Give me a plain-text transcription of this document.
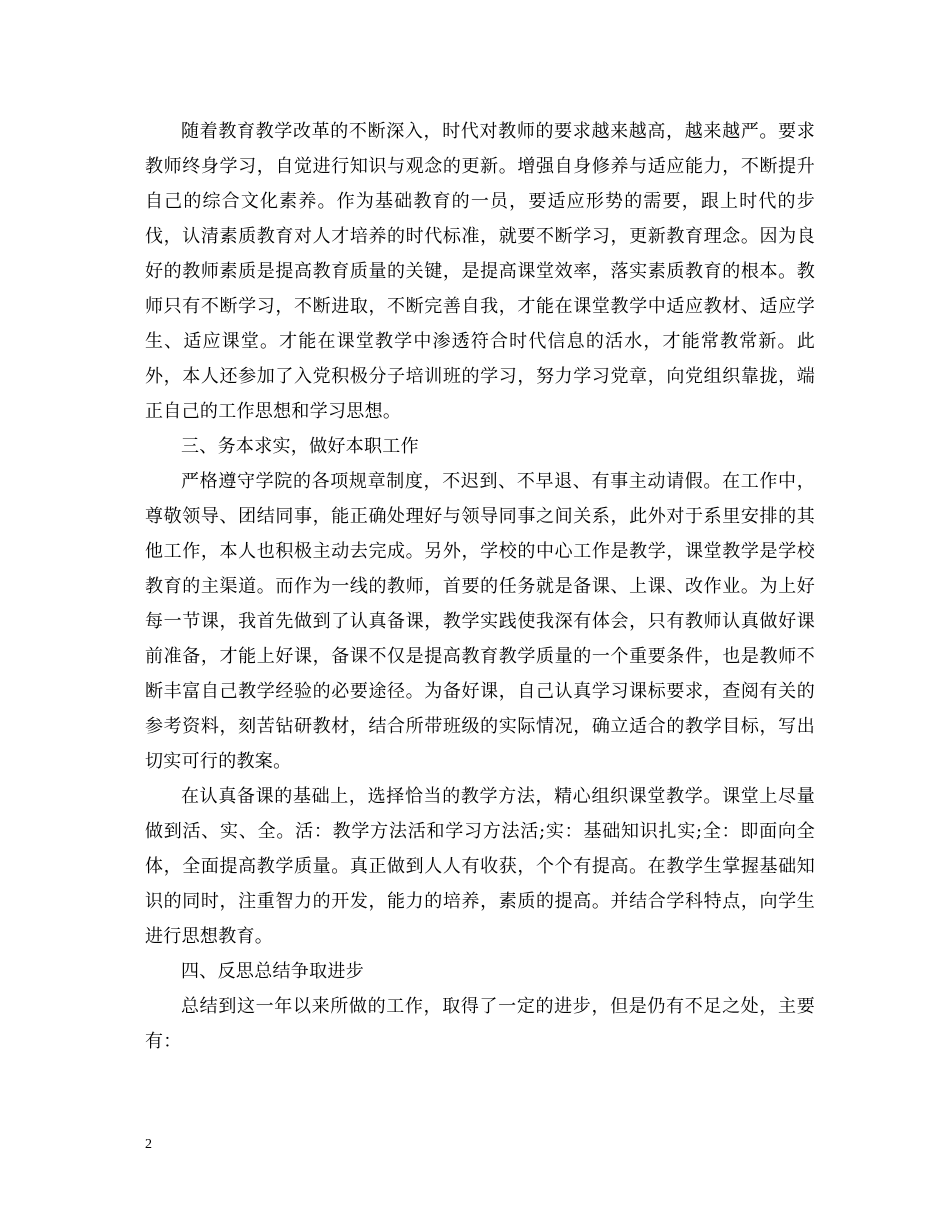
随着教育教学改革的不断深入，时代对教师的要求越来越高，越来越严。要求教师终身学习，自觉进行知识与观念的更新。增强自身修养与适应能力，不断提升自己的综合文化素养。作为基础教育的一员，要适应形势的需要，跟上时代的步伐，认清素质教育对人才培养的时代标准，就要不断学习，更新教育理念。因为良好的教师素质是提高教育质量的关键，是提高课堂效率，落实素质教育的根本。教师只有不断学习，不断进取，不断完善自我，才能在课堂教学中适应教材、适应学生、适应课堂。才能在课堂教学中渗透符合时代信息的活水，才能常教常新。此外，本人还参加了入党积极分子培训班的学习，努力学习党章，向党组织靠拢，端正自己的工作思想和学习思想。

三、务本求实，做好本职工作

严格遵守学院的各项规章制度，不迟到、不早退、有事主动请假。在工作中，尊敬领导、团结同事，能正确处理好与领导同事之间关系，此外对于系里安排的其他工作，本人也积极主动去完成。另外，学校的中心工作是教学，课堂教学是学校教育的主渠道。而作为一线的教师，首要的任务就是备课、上课、改作业。为上好每一节课，我首先做到了认真备课，教学实践使我深有体会，只有教师认真做好课前准备，才能上好课，备课不仅是提高教育教学质量的一个重要条件，也是教师不断丰富自己教学经验的必要途径。为备好课，自己认真学习课标要求，查阅有关的参考资料，刻苦钻研教材，结合所带班级的实际情况，确立适合的教学目标，写出切实可行的教案。

在认真备课的基础上，选择恰当的教学方法，精心组织课堂教学。课堂上尽量做到活、实、全。活：教学方法活和学习方法活;实：基础知识扎实;全：即面向全体，全面提高教学质量。真正做到人人有收获，个个有提高。在教学生掌握基础知识的同时，注重智力的开发，能力的培养，素质的提高。并结合学科特点，向学生进行思想教育。

四、反思总结争取进步

总结到这一年以来所做的工作，取得了一定的进步，但是仍有不足之处，主要有：

2
